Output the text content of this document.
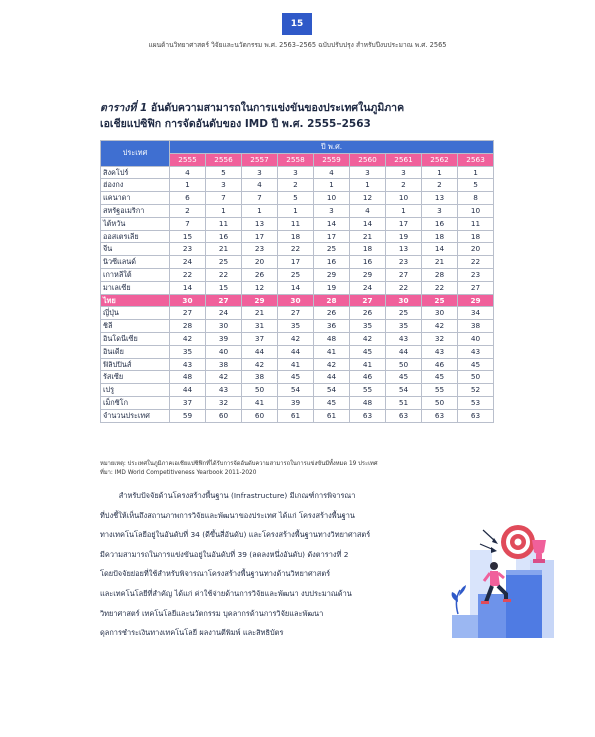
15
แผนด้านวิทยาศาสตร์ วิจัยและนวัตกรรม พ.ศ. 2563–2565 ฉบับปรับปรุง สำหรับปีงบประมาณ พ.ศ. 2565
ตารางที่ 1 อันดับความสามารถในการแข่งขันของประเทศในภูมิภาค
เอเชียแปซิฟิก การจัดอันดับของ IMD ปี พ.ศ. 2555–2563
ประเทศ	ปี พ.ศ.								
	2555	2556	2557	2558	2559	2560	2561	2562	2563
สิงคโปร์	4	5	3	3	4	3	3	1	1
ฮ่องกง	1	3	4	2	1	1	2	2	5
แคนาดา	6	7	7	5	10	12	10	13	8
สหรัฐอเมริกา	2	1	1	1	3	4	1	3	10
ไต้หวัน	7	11	13	11	14	14	17	16	11
ออสเตรเลีย	15	16	17	18	17	21	19	18	18
จีน	23	21	23	22	25	18	13	14	20
นิวซีแลนด์	24	25	20	17	16	16	23	21	22
เกาหลีใต้	22	22	26	25	29	29	27	28	23
มาเลเซีย	14	15	12	14	19	24	22	22	27
ไทย	30	27	29	30	28	27	30	25	29
ญี่ปุ่น	27	24	21	27	26	26	25	30	34
ชิลี	28	30	31	35	36	35	35	42	38
อินโดนีเซีย	42	39	37	42	48	42	43	32	40
อินเดีย	35	40	44	44	41	45	44	43	43
ฟิลิปปินส์	43	38	42	41	42	41	50	46	45
รัสเซีย	48	42	38	45	44	46	45	45	50
เปรู	44	43	50	54	54	55	54	55	52
เม็กซิโก	37	32	41	39	45	48	51	50	53
จำนวนประเทศ	59	60	60	61	61	63	63	63	63
หมายเหตุ: ประเทศในภูมิภาคเอเชียแปซิฟิกที่ได้รับการจัดอันดับความสามารถในการแข่งขันมีทั้งหมด 19 ประเทศ
ที่มา: IMD World Competitiveness Yearbook 2011-2020
สำหรับปัจจัยด้านโครงสร้างพื้นฐาน (Infrastructure) มีเกณฑ์การพิจารณา
ที่บ่งชี้ให้เห็นถึงสถานภาพการวิจัยและพัฒนาของประเทศ ได้แก่ โครงสร้างพื้นฐาน
ทางเทคโนโลยีอยู่ในอันดับที่ 34 (ดีขึ้นสี่อันดับ) และโครงสร้างพื้นฐานทางวิทยาศาสตร์
มีความสามารถในการแข่งขันอยู่ในอันดับที่ 39 (ลดลงหนึ่งอันดับ) ดังตารางที่ 2
โดยปัจจัยย่อยที่ใช้สำหรับพิจารณาโครงสร้างพื้นฐานทางด้านวิทยาศาสตร์
และเทคโนโลยีที่สำคัญ ได้แก่ ค่าใช้จ่ายด้านการวิจัยและพัฒนา งบประมาณด้าน
วิทยาศาสตร์ เทคโนโลยีและนวัตกรรม บุคลากรด้านการวิจัยและพัฒนา
ดุลการชำระเงินทางเทคโนโลยี ผลงานตีพิมพ์ และสิทธิบัตร
